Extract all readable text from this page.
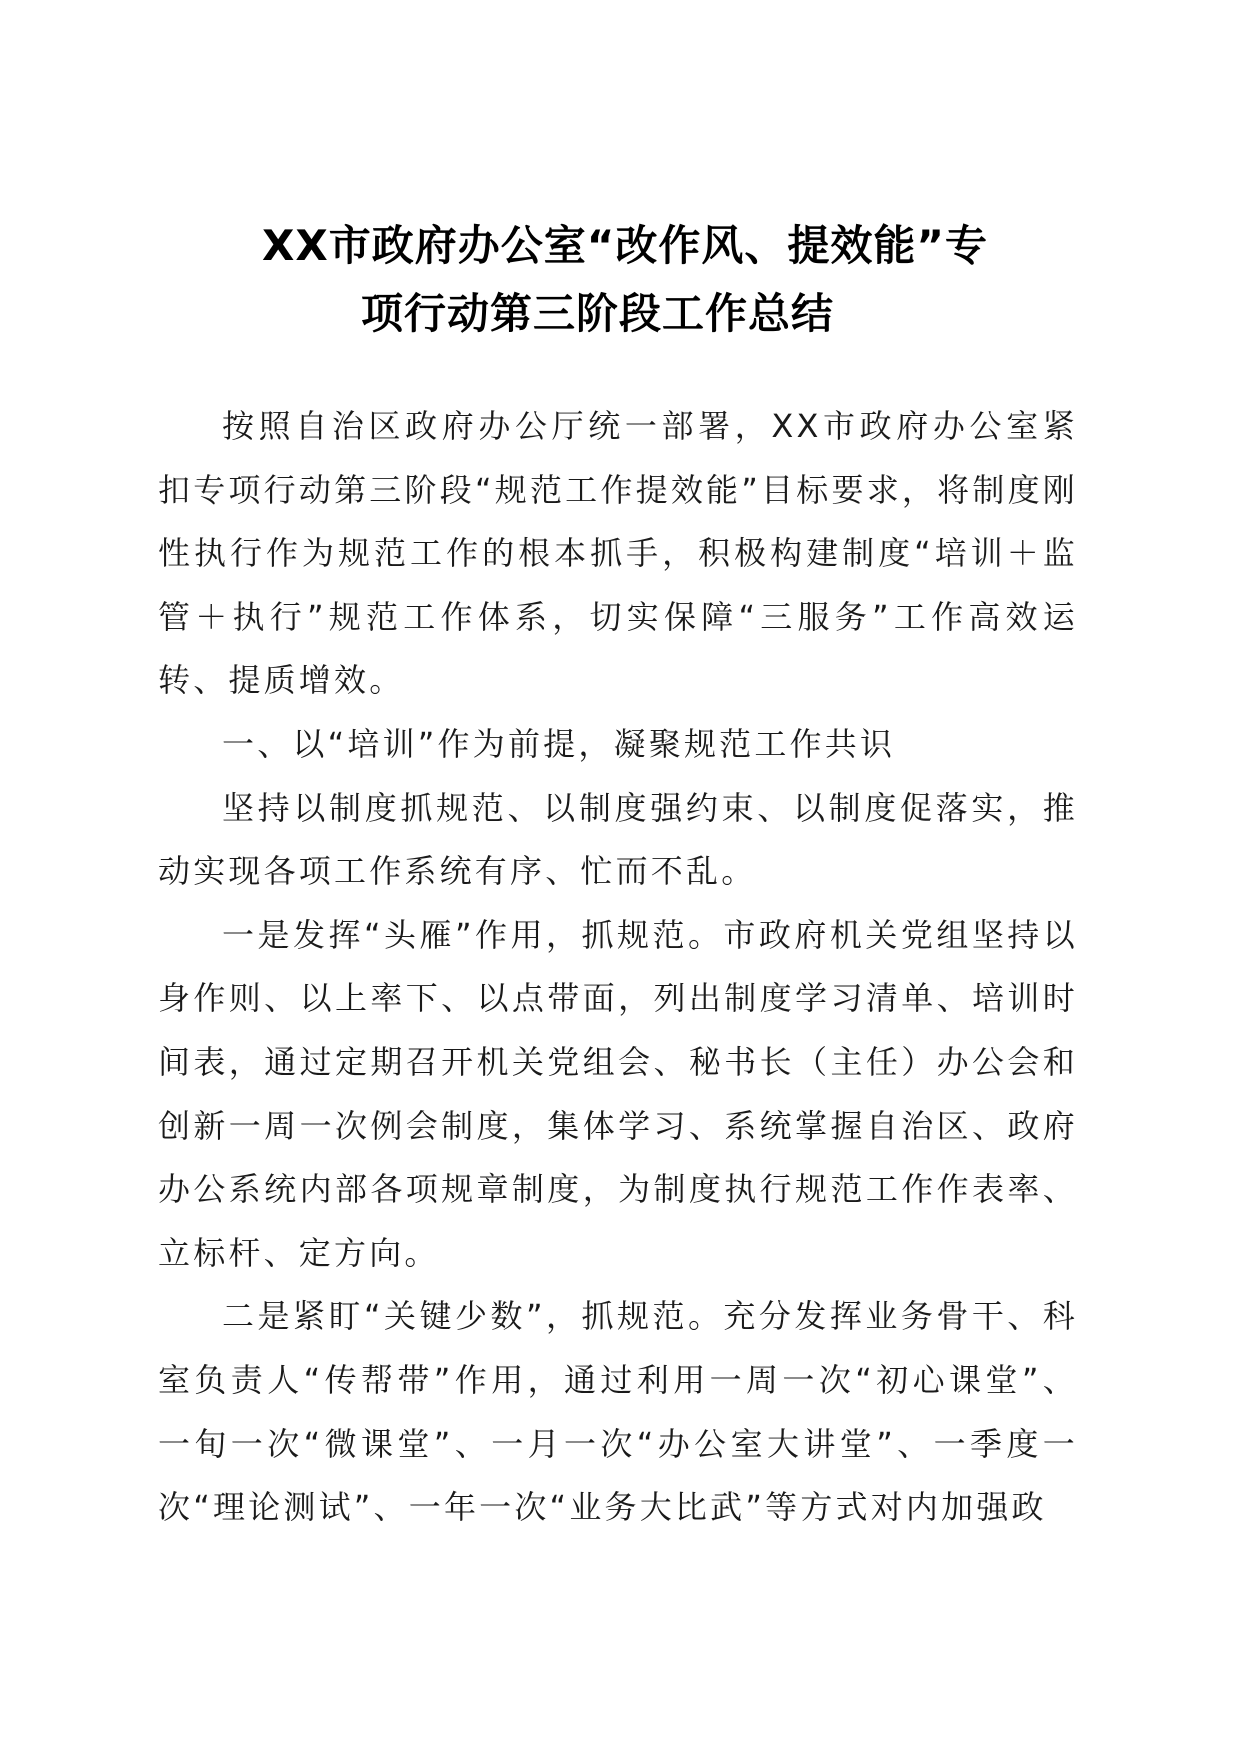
XX市政府办公室“改作风、提效能”专
项行动第三阶段工作总结

按照自治区政府办公厅统一部署，XX市政府办公室紧扣专项行动第三阶段“规范工作提效能”目标要求，将制度刚性执行作为规范工作的根本抓手，积极构建制度“培训＋监管＋执行”规范工作体系，切实保障“三服务”工作高效运转、提质增效。

一、以“培训”作为前提，凝聚规范工作共识

坚持以制度抓规范、以制度强约束、以制度促落实，推动实现各项工作系统有序、忙而不乱。

一是发挥“头雁”作用，抓规范。市政府机关党组坚持以身作则、以上率下、以点带面，列出制度学习清单、培训时间表，通过定期召开机关党组会、秘书长（主任）办公会和创新一周一次例会制度，集体学习、系统掌握自治区、政府办公系统内部各项规章制度，为制度执行规范工作作表率、立标杆、定方向。

二是紧盯“关键少数”，抓规范。充分发挥业务骨干、科室负责人“传帮带”作用，通过利用一周一次“初心课堂”、一旬一次“微课堂”、一月一次“办公室大讲堂”、一季度一次“理论测试”、一年一次“业务大比武”等方式对内加强政
